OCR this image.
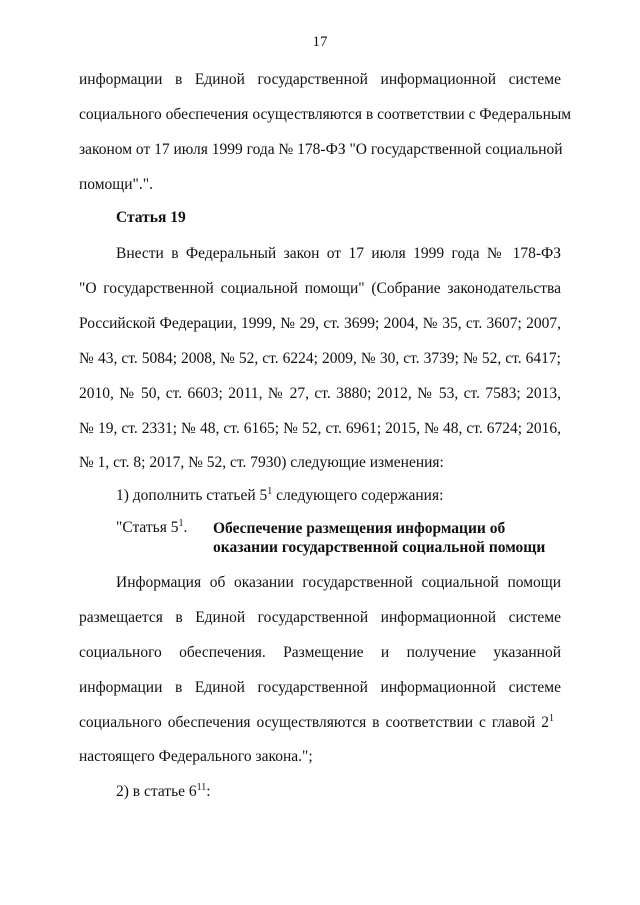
17
информации в Единой государственной информационной системе
социального обеспечения осуществляются в соответствии с Федеральным
законом от 17 июля 1999 года № 178-ФЗ "О государственной социальной
помощи".".
Статья 19
Внести в Федеральный закон от 17 июля 1999 года № 178-ФЗ
"О государственной социальной помощи" (Собрание законодательства
Российской Федерации, 1999, № 29, ст. 3699; 2004, № 35, ст. 3607; 2007,
№ 43, ст. 5084; 2008, № 52, ст. 6224; 2009, № 30, ст. 3739; № 52, ст. 6417;
2010, № 50, ст. 6603; 2011, № 27, ст. 3880; 2012, № 53, ст. 7583; 2013,
№ 19, ст. 2331; № 48, ст. 6165; № 52, ст. 6961; 2015, № 48, ст. 6724; 2016,
№ 1, ст. 8; 2017, № 52, ст. 7930) следующие изменения:
1) дополнить статьей $5^1$ следующего содержания:
"Статья $5^1$. Обеспечение размещения информации об
оказании государственной социальной помощи
Информация об оказании государственной социальной помощи
размещается в Единой государственной информационной системе
социального обеспечения. Размещение и получение указанной
информации в Единой государственной информационной системе
социального обеспечения осуществляются в соответствии с главой $2^1$
настоящего Федерального закона.";
2) в статье $6^{11}$:
